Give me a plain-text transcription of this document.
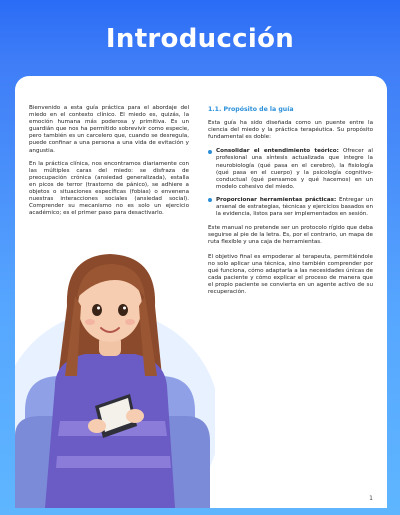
Introducción

Bienvenido a esta guía práctica para el abordaje del miedo en el contexto clínico. El miedo es, quizás, la emoción humana más poderosa y primitiva. Es un guardián que nos ha permitido sobrevivir como especie, pero también es un carcelero que, cuando se desregula, puede confinar a una persona a una vida de evitación y angustia.

En la práctica clínica, nos encontramos diariamente con las múltiples caras del miedo: se disfraza de preocupación crónica (ansiedad generalizada), estalla en picos de terror (trastorno de pánico), se adhiere a objetos o situaciones específicas (fobias) o envenena nuestras interacciones sociales (ansiedad social). Comprender su mecanismo no es solo un ejercicio académico; es el primer paso para desactivarlo.

1.1. Propósito de la guía

Esta guía ha sido diseñada como un puente entre la ciencia del miedo y la práctica terapéutica. Su propósito fundamental es doble:

Consolidar el entendimiento teórico: Ofrecer al profesional una síntesis actualizada que integre la neurobiología (qué pasa en el cerebro), la fisiología (qué pasa en el cuerpo) y la psicología cognitivo-conductual (qué pensamos y qué hacemos) en un modelo cohesivo del miedo.
Proporcionar herramientas prácticas: Entregar un arsenal de estrategias, técnicas y ejercicios basados en la evidencia, listos para ser implementados en sesión.

Este manual no pretende ser un protocolo rígido que deba seguirse al pie de la letra. Es, por el contrario, un mapa de ruta flexible y una caja de herramientas.

El objetivo final es empoderar al terapeuta, permitiéndole no solo aplicar una técnica, sino también comprender por qué funciona, cómo adaptarla a las necesidades únicas de cada paciente y cómo explicar el proceso de manera que el propio paciente se convierta en un agente activo de su recuperación.

1
